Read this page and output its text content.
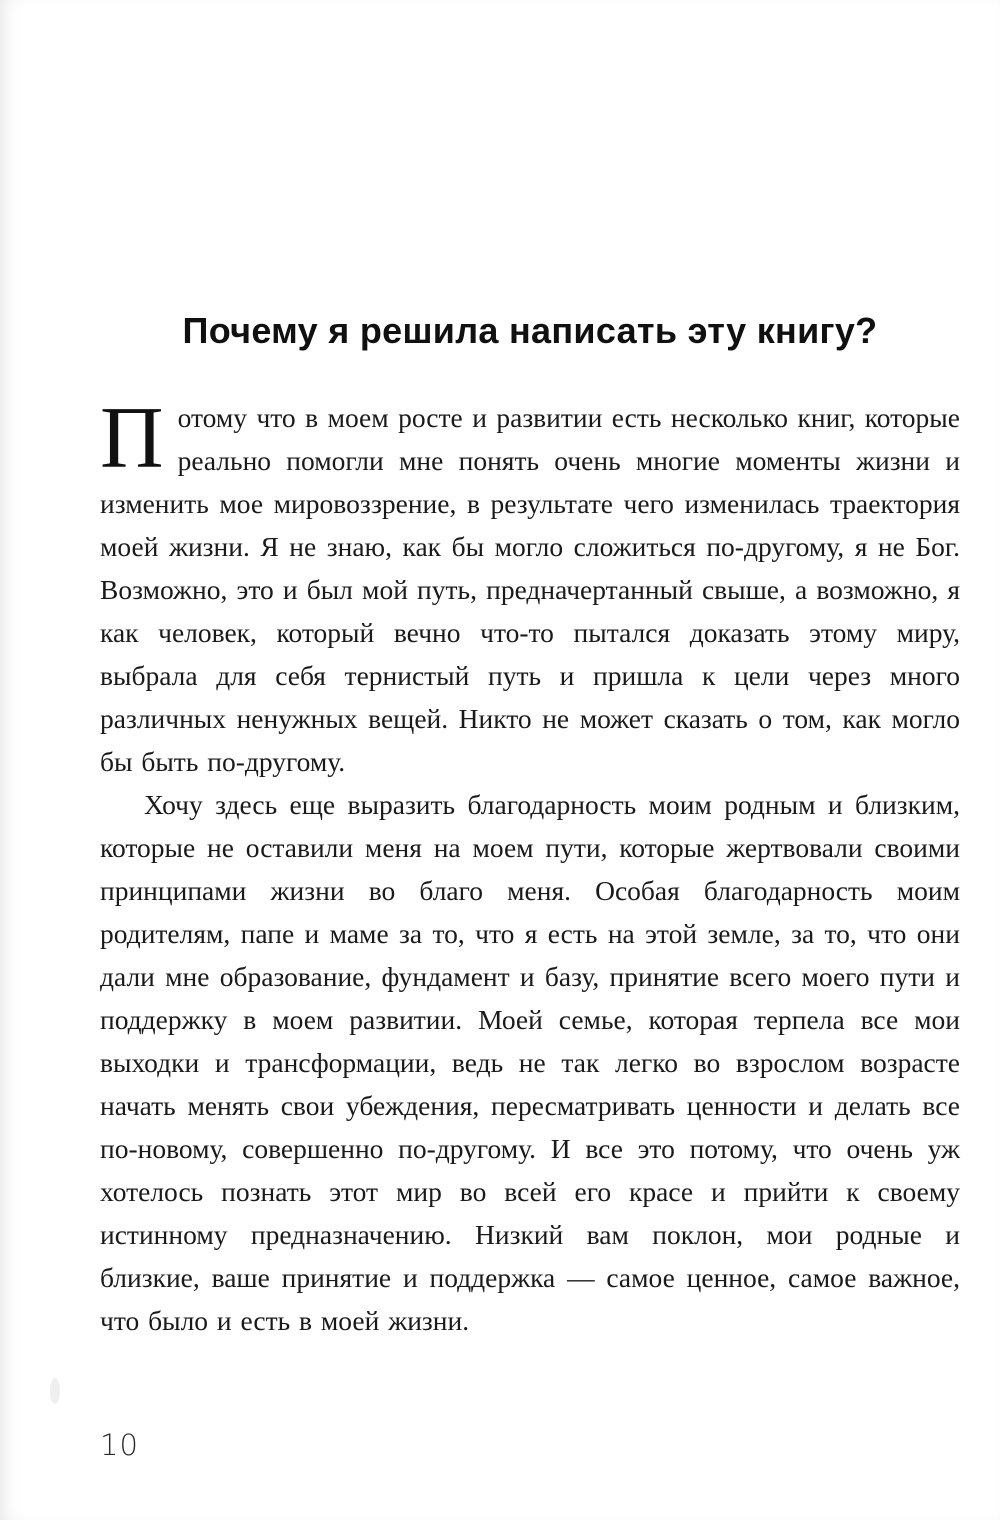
Почему я решила написать эту книгу?

Потому что в моем росте и развитии есть несколько книг, которые реально помогли мне понять очень многие моменты жизни и изменить мое мировоззрение, в результате чего изменилась траектория моей жизни. Я не знаю, как бы могло сложиться по-другому, я не Бог. Возможно, это и был мой путь, предначертанный свыше, а возможно, я как человек, который вечно что-то пытался доказать этому миру, выбрала для себя тернистый путь и пришла к цели через много различных ненужных вещей. Никто не может сказать о том, как могло бы быть по-другому.

Хочу здесь еще выразить благодарность моим родным и близким, которые не оставили меня на моем пути, которые жертвовали своими принципами жизни во благо меня. Особая благодарность моим родителям, папе и маме за то, что я есть на этой земле, за то, что они дали мне образование, фундамент и базу, принятие всего моего пути и поддержку в моем развитии. Моей семье, которая терпела все мои выходки и трансформации, ведь не так легко во взрослом возрасте начать менять свои убеждения, пересматривать ценности и делать все по-новому, совершенно по-другому. И все это потому, что очень уж хотелось познать этот мир во всей его красе и прийти к своему истинному предназначению. Низкий вам поклон, мои родные и близкие, ваше принятие и поддержка — самое ценное, самое важное, что было и есть в моей жизни.

10
